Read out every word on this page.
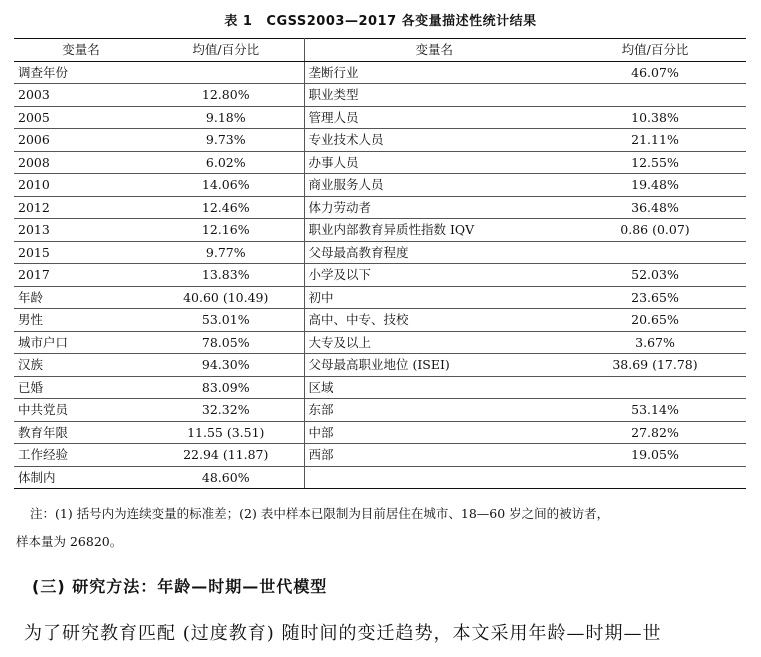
表 1 CGSS2003—2017 各变量描述性统计结果
变量名	均值/百分比	变量名	均值/百分比
调查年份		垄断行业	46.07%
2003	12.80%	职业类型	
2005	9.18%	管理人员	10.38%
2006	9.73%	专业技术人员	21.11%
2008	6.02%	办事人员	12.55%
2010	14.06%	商业服务人员	19.48%
2012	12.46%	体力劳动者	36.48%
2013	12.16%	职业内部教育异质性指数 IQV	0.86 (0.07)
2015	9.77%	父母最高教育程度	
2017	13.83%	小学及以下	52.03%
年龄	40.60 (10.49)	初中	23.65%
男性	53.01%	高中、中专、技校	20.65%
城市户口	78.05%	大专及以上	3.67%
汉族	94.30%	父母最高职业地位 (ISEI)	38.69 (17.78)
已婚	83.09%	区域	
中共党员	32.32%	东部	53.14%
教育年限	11.55 (3.51)	中部	27.82%
工作经验	22.94 (11.87)	西部	19.05%
体制内	48.60%		
注：(1) 括号内为连续变量的标准差；(2) 表中样本已限制为目前居住在城市、18—60 岁之间的被访者，
样本量为 26820。
(三) 研究方法：年龄—时期—世代模型
为了研究教育匹配 (过度教育) 随时间的变迁趋势，本文采用年龄—时期—世
